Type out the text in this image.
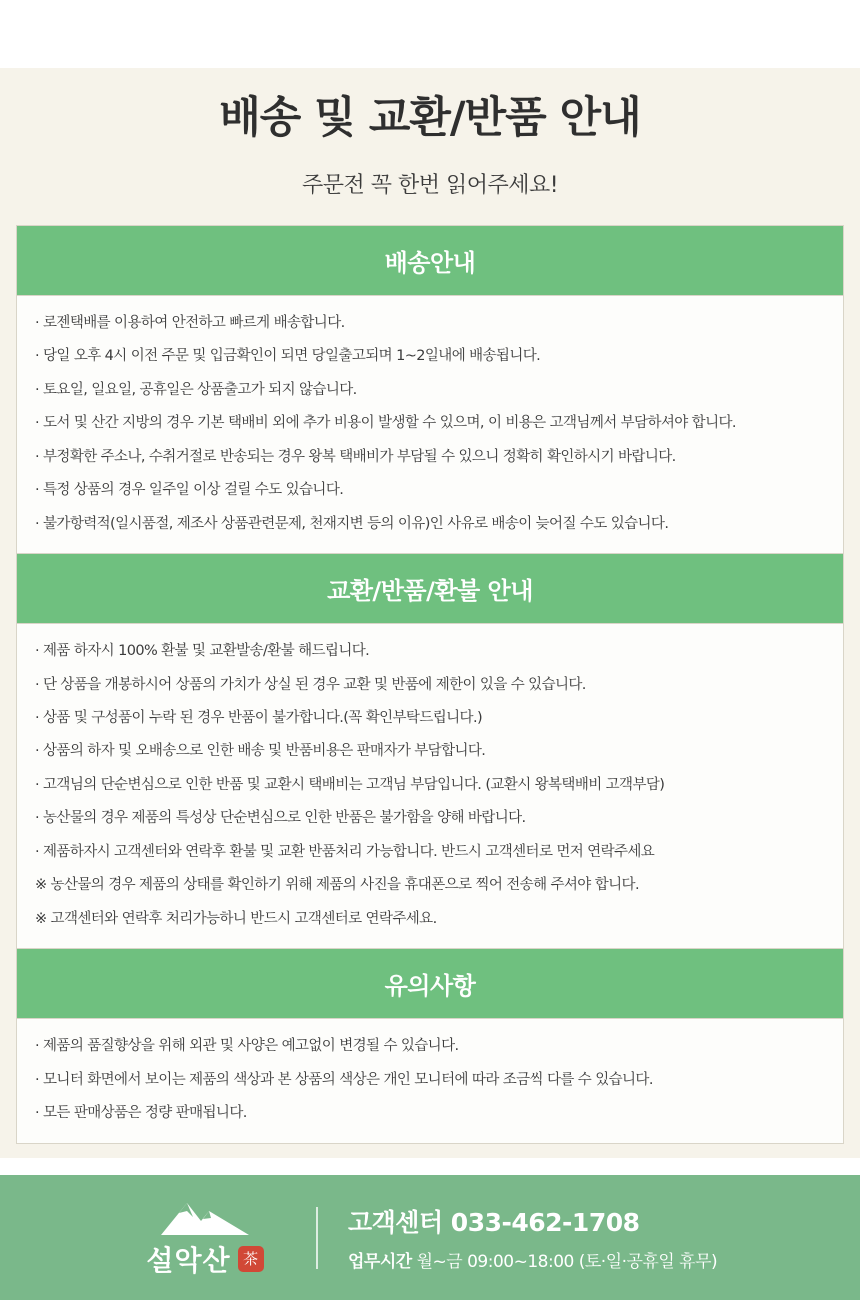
배송 및 교환/반품 안내

주문전 꼭 한번 읽어주세요!

배송안내

· 로젠택배를 이용하여 안전하고 빠르게 배송합니다.

· 당일 오후 4시 이전 주문 및 입금확인이 되면 당일출고되며 1~2일내에 배송됩니다.

· 토요일, 일요일, 공휴일은 상품출고가 되지 않습니다.

· 도서 및 산간 지방의 경우 기본 택배비 외에 추가 비용이 발생할 수 있으며, 이 비용은 고객님께서 부담하셔야 합니다.

· 부정확한 주소나, 수취거절로 반송되는 경우 왕복 택배비가 부담될 수 있으니 정확히 확인하시기 바랍니다.

· 특정 상품의 경우 일주일 이상 걸릴 수도 있습니다.

· 불가항력적(일시품절, 제조사 상품관련문제, 천재지변 등의 이유)인 사유로 배송이 늦어질 수도 있습니다.

교환/반품/환불 안내

· 제품 하자시 100% 환불 및 교환발송/환불 해드립니다.

· 단 상품을 개봉하시어 상품의 가치가 상실 된 경우 교환 및 반품에 제한이 있을 수 있습니다.

· 상품 및 구성품이 누락 된 경우 반품이 불가합니다.(꼭 확인부탁드립니다.)

· 상품의 하자 및 오배송으로 인한 배송 및 반품비용은 판매자가 부담합니다.

· 고객님의 단순변심으로 인한 반품 및 교환시 택배비는 고객님 부담입니다. (교환시 왕복택배비 고객부담)

· 농산물의 경우 제품의 특성상 단순변심으로 인한 반품은 불가함을 양해 바랍니다.

· 제품하자시 고객센터와 연락후 환불 및 교환 반품처리 가능합니다. 반드시 고객센터로 먼저 연락주세요

※ 농산물의 경우 제품의 상태를 확인하기 위해 제품의 사진을 휴대폰으로 찍어 전송해 주셔야 합니다.

※ 고객센터와 연락후 처리가능하니 반드시 고객센터로 연락주세요.

유의사항

· 제품의 품질향상을 위해 외관 및 사양은 예고없이 변경될 수 있습니다.

· 모니터 화면에서 보이는 제품의 색상과 본 상품의 색상은 개인 모니터에 따라 조금씩 다를 수 있습니다.

· 모든 판매상품은 정량 판매됩니다.

설악산 茶
고객센터 033-462-1708
업무시간 월~금 09:00~18:00 (토·일·공휴일 휴무)
